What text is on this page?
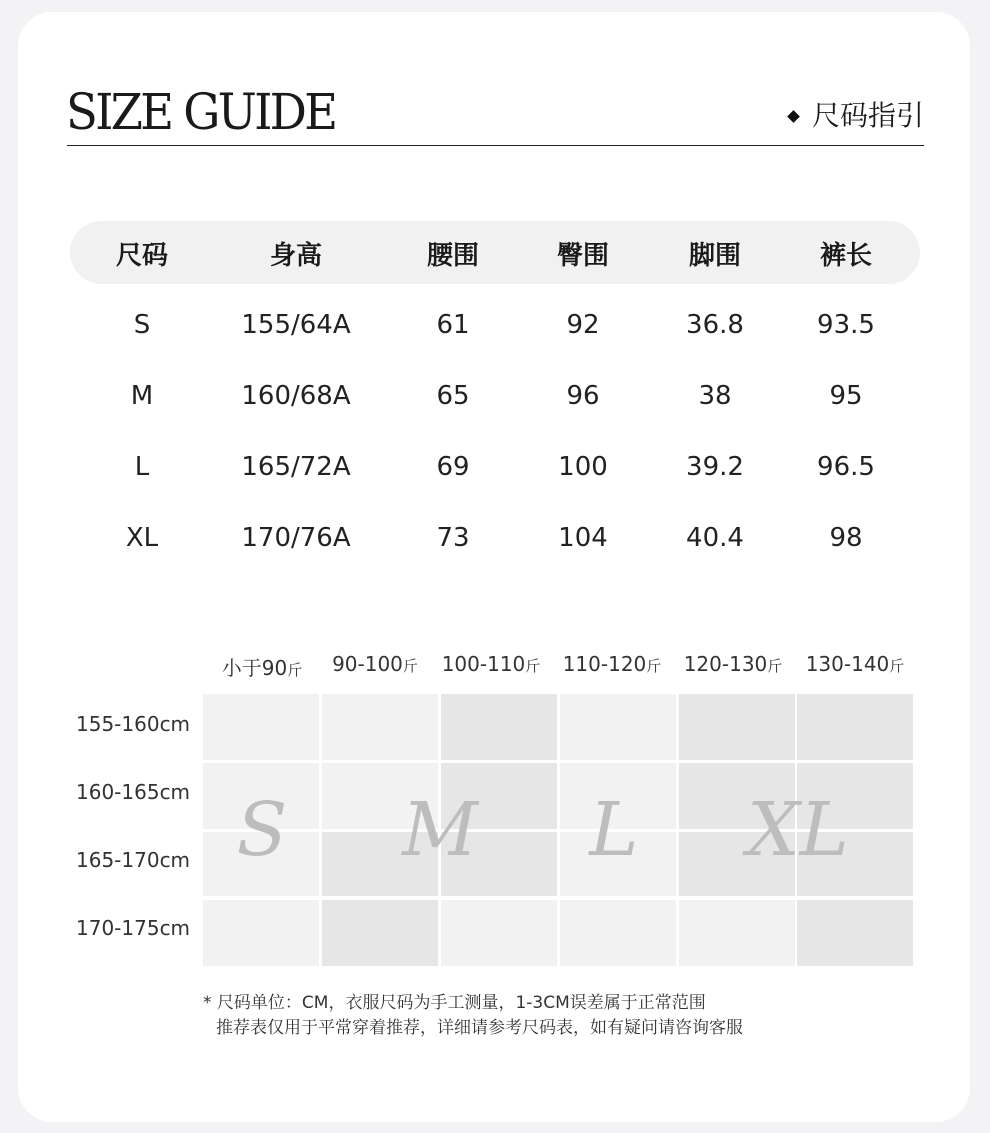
SIZE GUIDE	尺码指引
尺码	身高	腰围	臀围	脚围	裤长
S	155/64A	61	92	36.8	93.5
M	160/68A	65	96	38	95
L	165/72A	69	100	39.2	96.5
XL	170/76A	73	104	40.4	98
小于90斤 90-100斤 100-110斤 110-120斤 120-130斤 130-140斤
155-160cm
160-165cm
165-170cm
170-175cm
S M L XL
* 尺码单位：CM，衣服尺码为手工测量，1-3CM误差属于正常范围
推荐表仅用于平常穿着推荐，详细请参考尺码表，如有疑问请咨询客服
